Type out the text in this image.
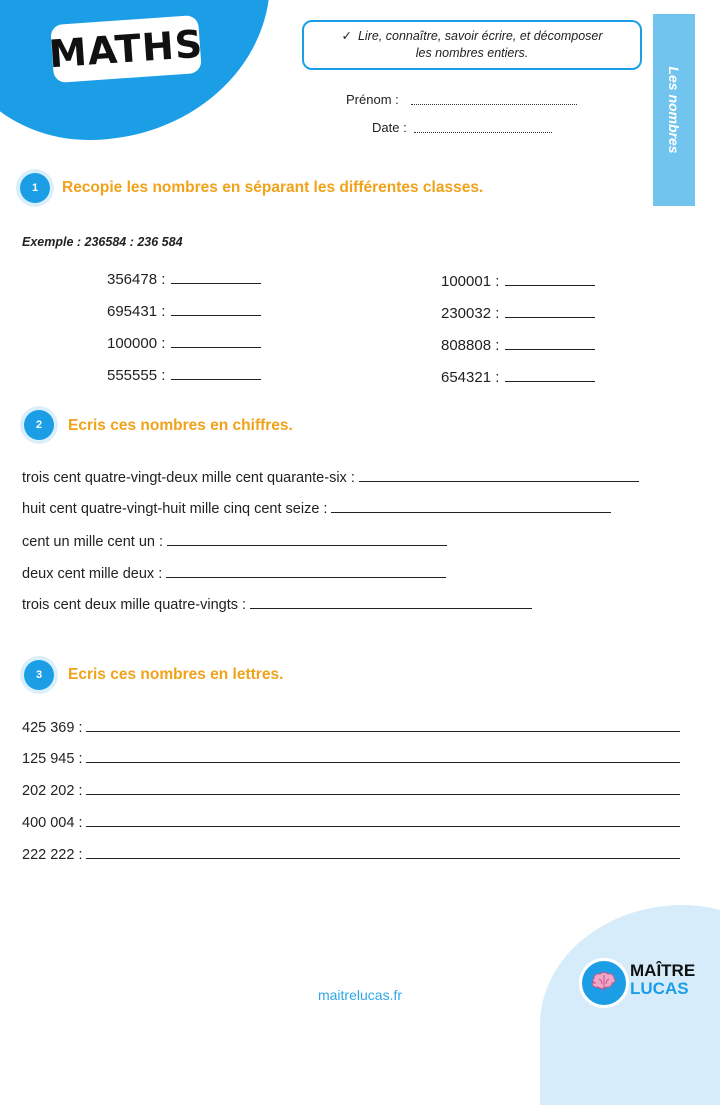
MATHS	✓ Lire, connaître, savoir écrire, et décomposer
les nombres entiers.
Les nombres
Prénom :
Date :
1	Recopie les nombres en séparant les différentes classes.
Exemple : 236584 : 236 584
356478 :
695431 :
100000 :
555555 :
100001 :
230032 :
808808 :
654321 :
2	Ecris ces nombres en chiffres.
trois cent quatre-vingt-deux mille cent quarante-six :
huit cent quatre-vingt-huit mille cinq cent seize :
cent un mille cent un :
deux cent mille deux :
trois cent deux mille quatre-vingts :
3	Ecris ces nombres en lettres.
425 369 :
125 945 :
202 202 :
400 004 :
222 222 :
MAÎTRE
LUCAS
maitrelucas.fr
